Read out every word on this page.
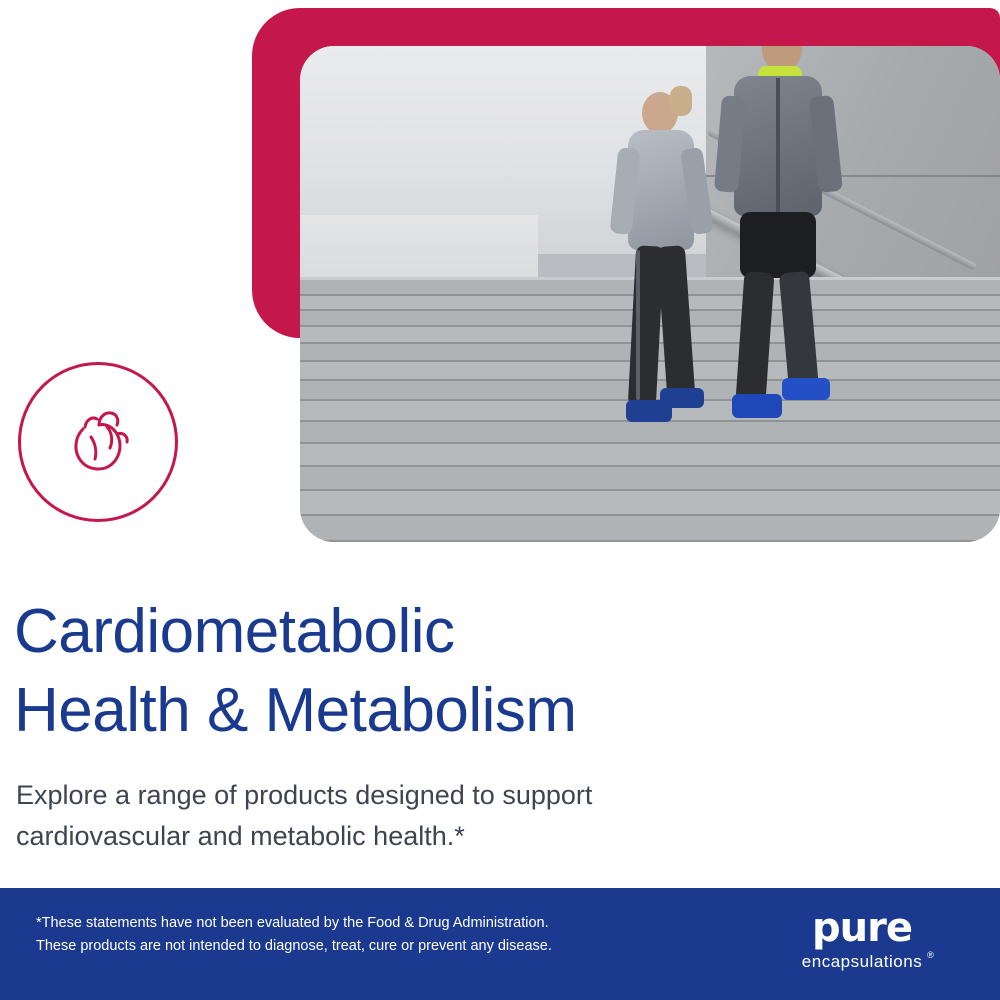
Cardiometabolic
Health & Metabolism
Explore a range of products designed to support
cardiovascular and metabolic health.*
*These statements have not been evaluated by the Food & Drug Administration.
These products are not intended to diagnose, treat, cure or prevent any disease.	pure
encapsulations ®
